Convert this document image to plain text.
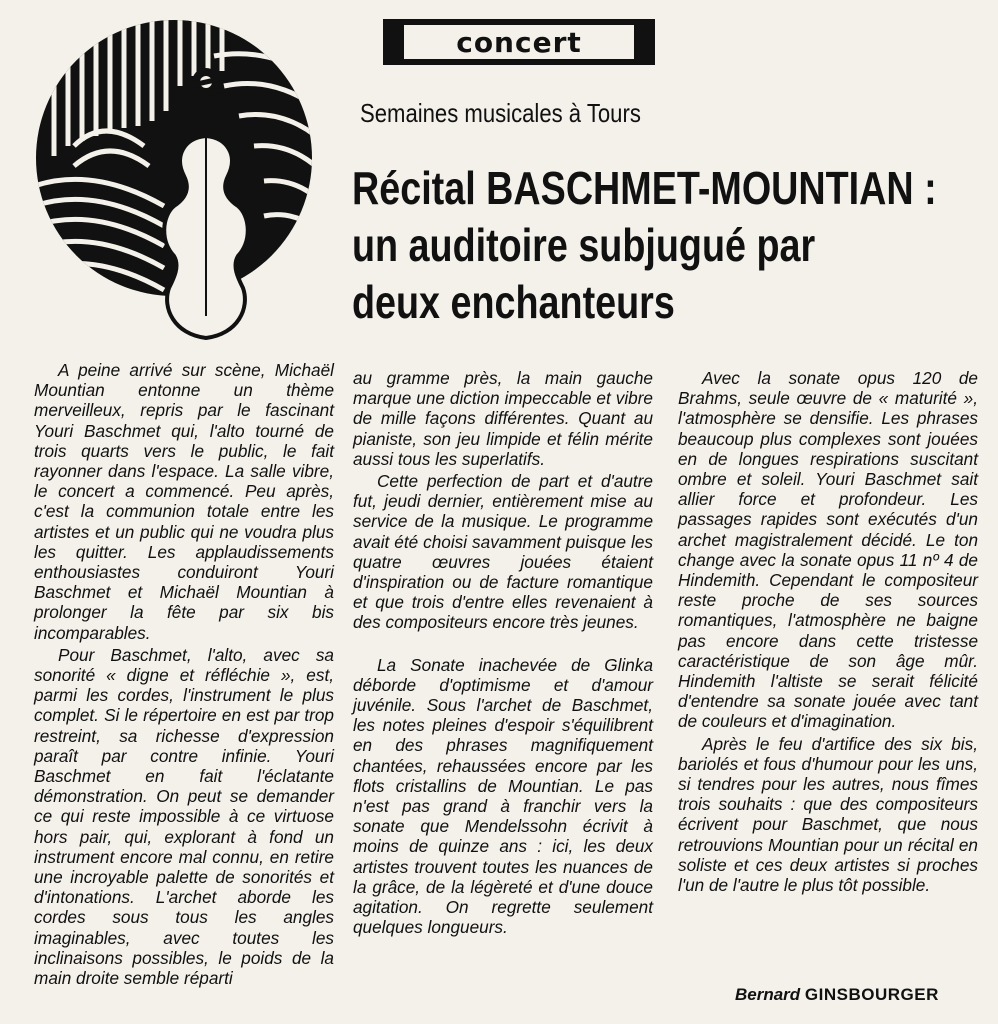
concert
Semaines musicales à Tours
Récital BASCHMET-MOUNTIAN :
un auditoire subjugué par
deux enchanteurs

A peine arrivé sur scène, Michaël Mountian entonne un thème merveilleux, repris par le fascinant Youri Baschmet qui, l'alto tourné de trois quarts vers le public, le fait rayonner dans l'espace. La salle vibre, le concert a commencé. Peu après, c'est la communion totale entre les artistes et un public qui ne voudra plus les quitter. Les applaudissements enthousiastes conduiront Youri Baschmet et Michaël Mountian à prolonger la fête par six bis incomparables.

Pour Baschmet, l'alto, avec sa sonorité « digne et réfléchie », est, parmi les cordes, l'instrument le plus complet. Si le répertoire en est par trop restreint, sa richesse d'expression paraît par contre infinie. Youri Baschmet en fait l'éclatante démonstration. On peut se demander ce qui reste impossible à ce virtuose hors pair, qui, explorant à fond un instrument encore mal connu, en retire une incroyable palette de sonorités et d'intonations. L'archet aborde les cordes sous tous les angles imaginables, avec toutes les inclinaisons possibles, le poids de la main droite semble réparti

au gramme près, la main gauche marque une diction impeccable et vibre de mille façons différentes. Quant au pianiste, son jeu limpide et félin mérite aussi tous les superlatifs.

Cette perfection de part et d'autre fut, jeudi dernier, entièrement mise au service de la musique. Le programme avait été choisi savamment puisque les quatre œuvres jouées étaient d'inspiration ou de facture romantique et que trois d'entre elles revenaient à des compositeurs encore très jeunes.

La Sonate inachevée de Glinka déborde d'optimisme et d'amour juvénile. Sous l'archet de Baschmet, les notes pleines d'espoir s'équilibrent en des phrases magnifiquement chantées, rehaussées encore par les flots cristallins de Mountian. Le pas n'est pas grand à franchir vers la sonate que Mendelssohn écrivit à moins de quinze ans : ici, les deux artistes trouvent toutes les nuances de la grâce, de la légèreté et d'une douce agitation. On regrette seulement quelques longueurs.

Avec la sonate opus 120 de Brahms, seule œuvre de « maturité », l'atmosphère se densifie. Les phrases beaucoup plus complexes sont jouées en de longues respirations suscitant ombre et soleil. Youri Baschmet sait allier force et profondeur. Les passages rapides sont exécutés d'un archet magistralement décidé. Le ton change avec la sonate opus 11 nº 4 de Hindemith. Cependant le compositeur reste proche de ses sources romantiques, l'atmosphère ne baigne pas encore dans cette tristesse caractéristique de son âge mûr. Hindemith l'altiste se serait félicité d'entendre sa sonate jouée avec tant de couleurs et d'imagination.

Après le feu d'artifice des six bis, bariolés et fous d'humour pour les uns, si tendres pour les autres, nous fîmes trois souhaits : que des compositeurs écrivent pour Baschmet, que nous retrouvions Mountian pour un récital en soliste et ces deux artistes si proches l'un de l'autre le plus tôt possible.

Bernard GINSBOURGER
